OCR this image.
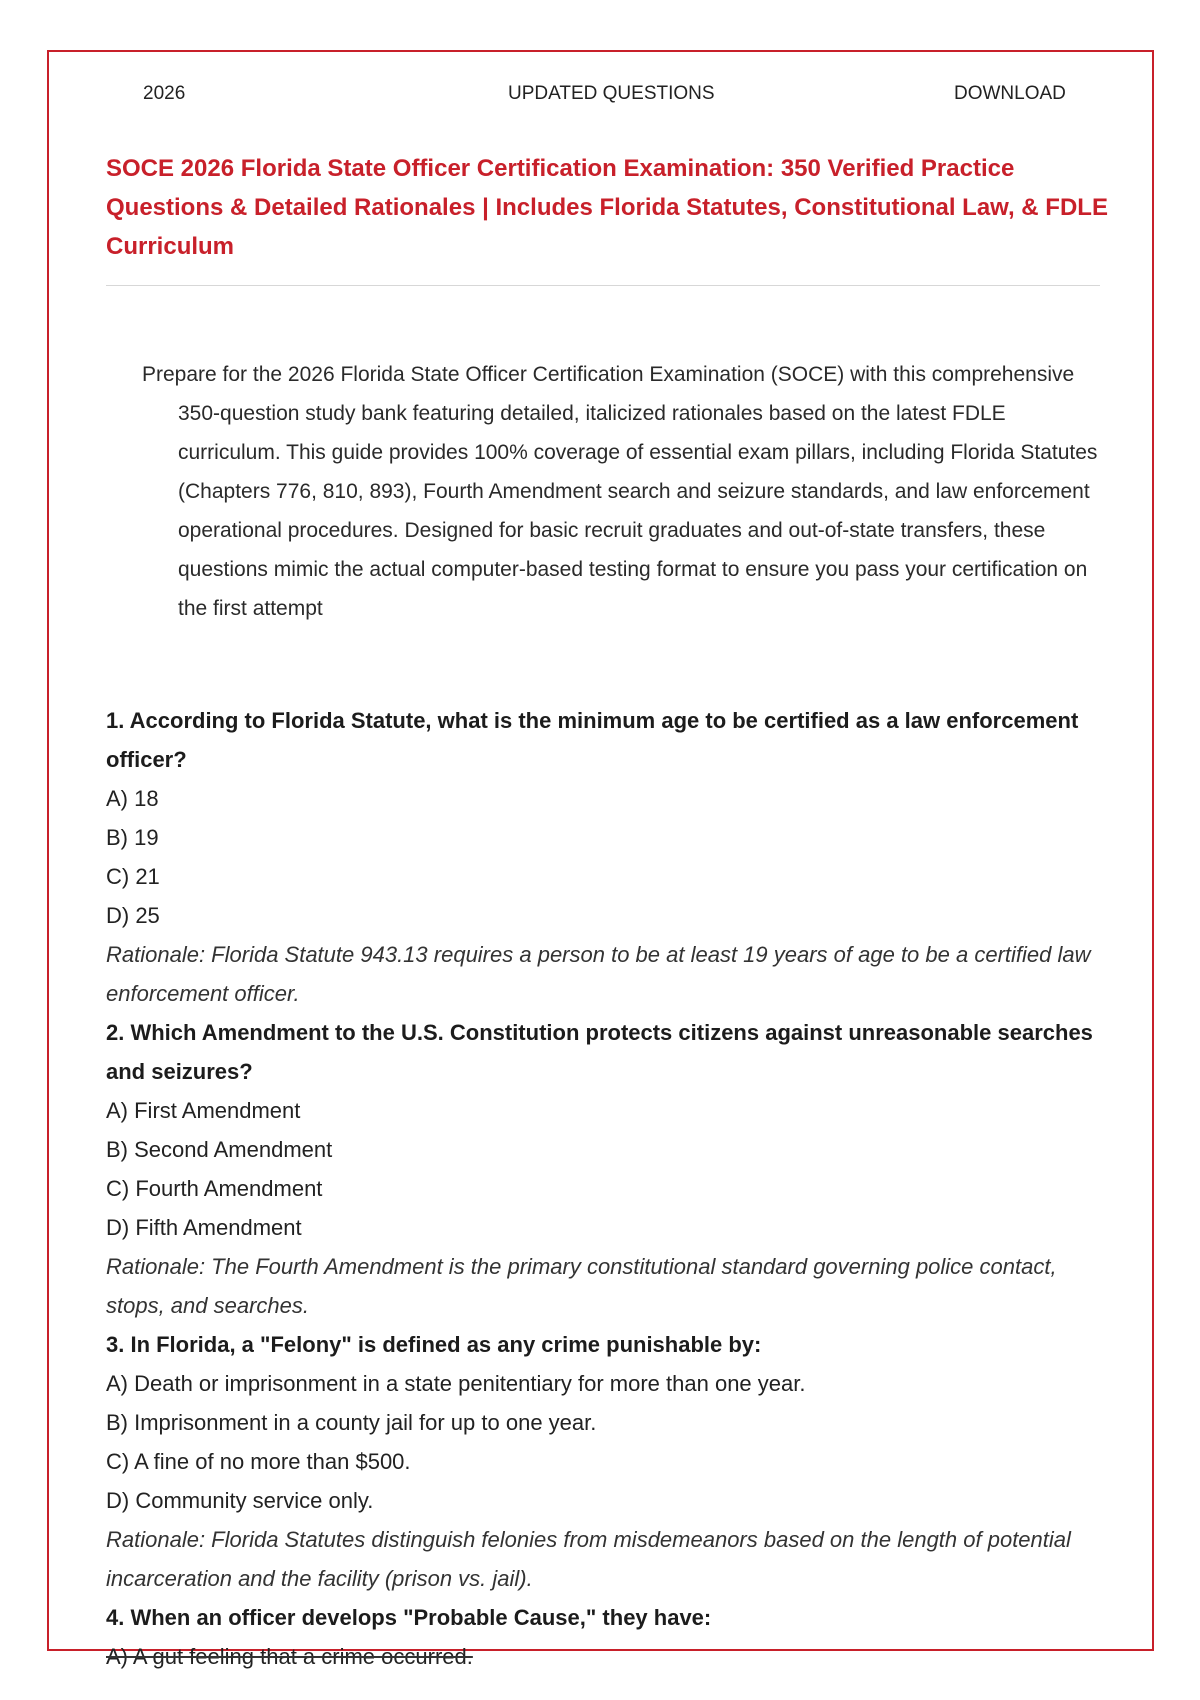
2026	UPDATED QUESTIONS	DOWNLOAD
SOCE 2026 Florida State Officer Certification Examination: 350 Verified Practice Questions & Detailed Rationales | Includes Florida Statutes, Constitutional Law, & FDLE Curriculum

Prepare for the 2026 Florida State Officer Certification Examination (SOCE) with this comprehensive 350-question study bank featuring detailed, italicized rationales based on the latest FDLE curriculum. This guide provides 100% coverage of essential exam pillars, including Florida Statutes (Chapters 776, 810, 893), Fourth Amendment search and seizure standards, and law enforcement operational procedures. Designed for basic recruit graduates and out-of-state transfers, these questions mimic the actual computer-based testing format to ensure you pass your certification on the first attempt

1. According to Florida Statute, what is the minimum age to be certified as a law enforcement officer?

A) 18

B) 19

C) 21

D) 25

Rationale: Florida Statute 943.13 requires a person to be at least 19 years of age to be a certified law enforcement officer.

2. Which Amendment to the U.S. Constitution protects citizens against unreasonable searches and seizures?

A) First Amendment

B) Second Amendment

C) Fourth Amendment

D) Fifth Amendment

Rationale: The Fourth Amendment is the primary constitutional standard governing police contact, stops, and searches.

3. In Florida, a "Felony" is defined as any crime punishable by:

A) Death or imprisonment in a state penitentiary for more than one year.

B) Imprisonment in a county jail for up to one year.

C) A fine of no more than $500.

D) Community service only.

Rationale: Florida Statutes distinguish felonies from misdemeanors based on the length of potential incarceration and the facility (prison vs. jail).

4. When an officer develops "Probable Cause," they have:

A) A gut feeling that a crime occurred.
